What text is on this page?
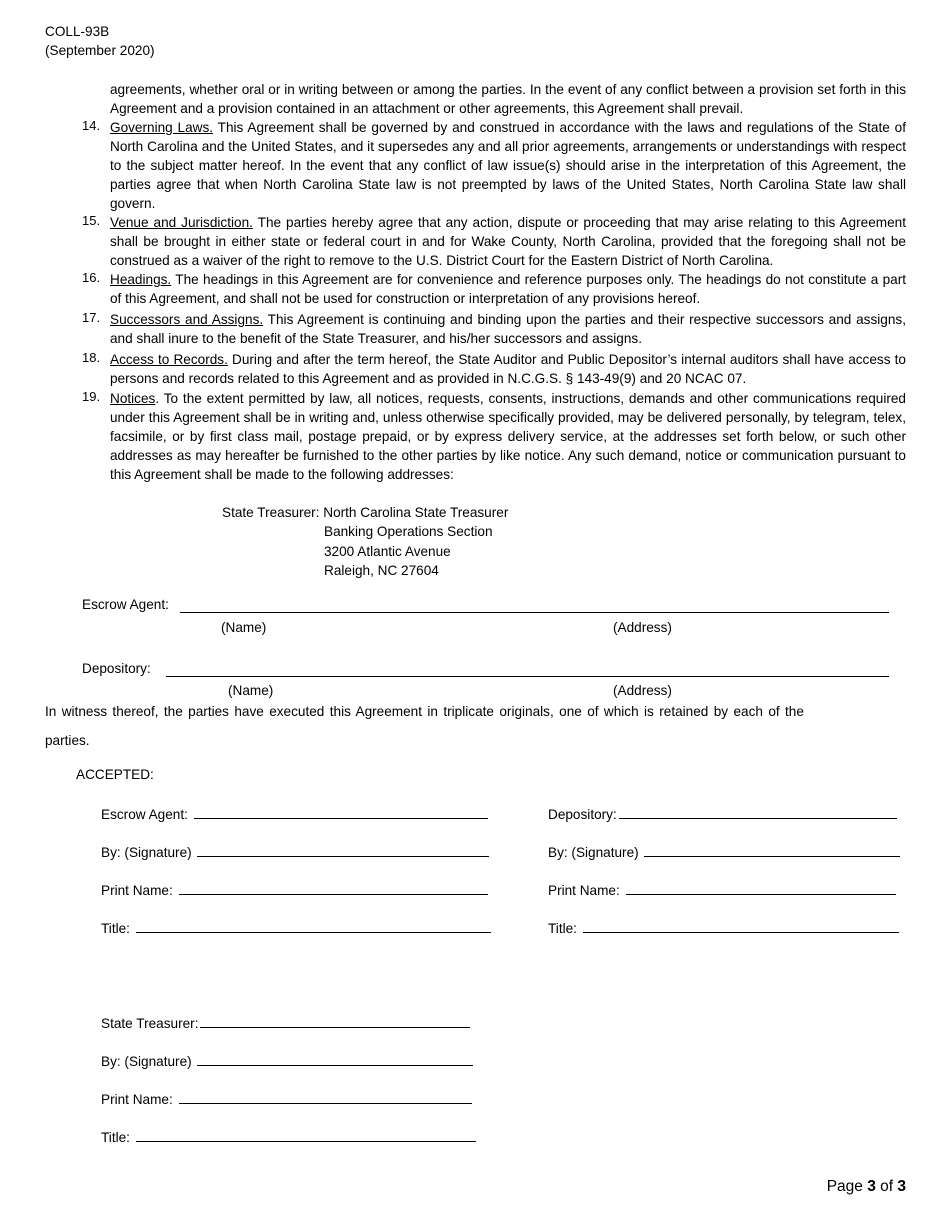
COLL-93B
(September 2020)
agreements, whether oral or in writing between or among the parties. In the event of any conflict between a provision set forth in this Agreement and a provision contained in an attachment or other agreements, this Agreement shall prevail.
14. Governing Laws. This Agreement shall be governed by and construed in accordance with the laws and regulations of the State of North Carolina and the United States, and it supersedes any and all prior agreements, arrangements or understandings with respect to the subject matter hereof. In the event that any conflict of law issue(s) should arise in the interpretation of this Agreement, the parties agree that when North Carolina State law is not preempted by laws of the United States, North Carolina State law shall govern.
15. Venue and Jurisdiction. The parties hereby agree that any action, dispute or proceeding that may arise relating to this Agreement shall be brought in either state or federal court in and for Wake County, North Carolina, provided that the foregoing shall not be construed as a waiver of the right to remove to the U.S. District Court for the Eastern District of North Carolina.
16. Headings. The headings in this Agreement are for convenience and reference purposes only. The headings do not constitute a part of this Agreement, and shall not be used for construction or interpretation of any provisions hereof.
17. Successors and Assigns. This Agreement is continuing and binding upon the parties and their respective successors and assigns, and shall inure to the benefit of the State Treasurer, and his/her successors and assigns.
18. Access to Records. During and after the term hereof, the State Auditor and Public Depositor’s internal auditors shall have access to persons and records related to this Agreement and as provided in N.C.G.S. § 143-49(9) and 20 NCAC 07.
19. Notices. To the extent permitted by law, all notices, requests, consents, instructions, demands and other communications required under this Agreement shall be in writing and, unless otherwise specifically provided, may be delivered personally, by telegram, telex, facsimile, or by first class mail, postage prepaid, or by express delivery service, at the addresses set forth below, or such other addresses as may hereafter be furnished to the other parties by like notice. Any such demand, notice or communication pursuant to this Agreement shall be made to the following addresses:
State Treasurer: North Carolina State Treasurer
Banking Operations Section
3200 Atlantic Avenue
Raleigh, NC 27604
Escrow Agent:
(Name)	(Address)
Depository:
(Name)	(Address)
In witness thereof, the parties have executed this Agreement in triplicate originals, one of which is retained by each of the
parties.
ACCEPTED:
Escrow Agent:
By: (Signature)
Print Name:
Title:
Depository:
By: (Signature)
Print Name:
Title:
State Treasurer:
By: (Signature)
Print Name:
Title:
Page 3 of 3
